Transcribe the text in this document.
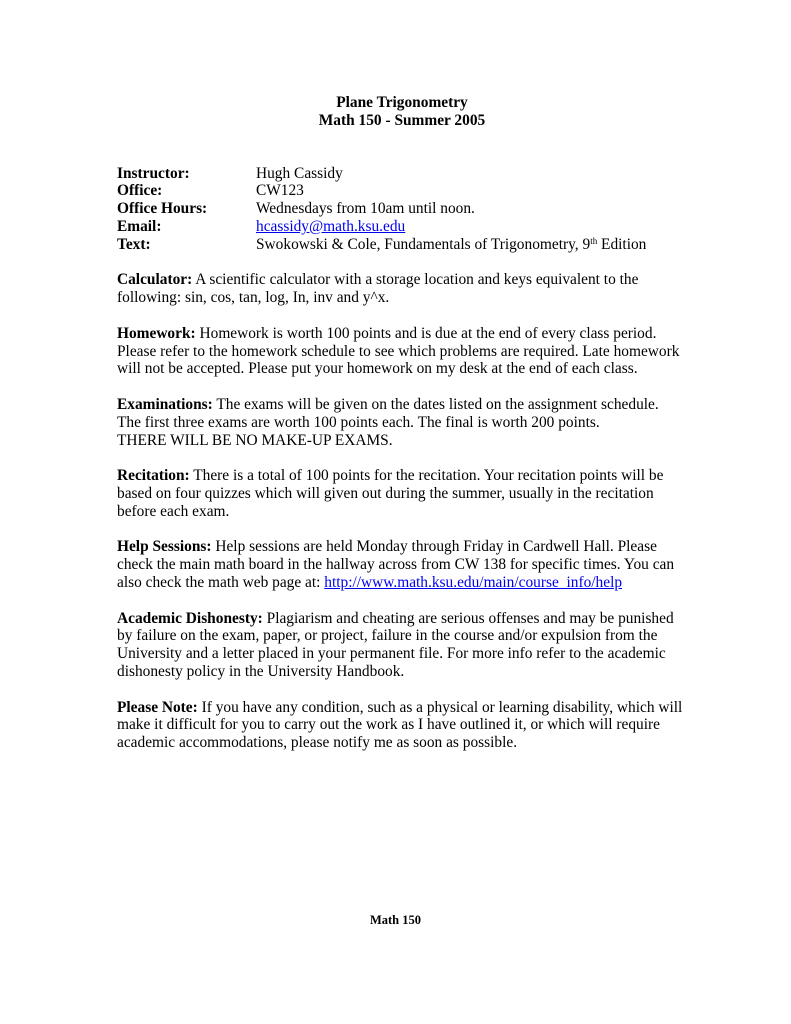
Plane Trigonometry
Math 150 - Summer 2005
Instructor:	Hugh Cassidy
Office:	CW123
Office Hours:	Wednesdays from 10am until noon.
Email:	hcassidy@math.ksu.edu
Text:	Swokowski & Cole, Fundamentals of Trigonometry, 9th Edition

Calculator: A scientific calculator with a storage location and keys equivalent to the following: sin, cos, tan, log, In, inv and y^x.

Homework: Homework is worth 100 points and is due at the end of every class period. Please refer to the homework schedule to see which problems are required. Late homework will not be accepted. Please put your homework on my desk at the end of each class.

Examinations: The exams will be given on the dates listed on the assignment schedule.
The first three exams are worth 100 points each. The final is worth 200 points.
THERE WILL BE NO MAKE-UP EXAMS.

Recitation: There is a total of 100 points for the recitation. Your recitation points will be based on four quizzes which will given out during the summer, usually in the recitation before each exam.

Help Sessions: Help sessions are held Monday through Friday in Cardwell Hall. Please check the main math board in the hallway across from CW 138 for specific times. You can also check the math web page at: http://www.math.ksu.edu/main/course_info/help

Academic Dishonesty: Plagiarism and cheating are serious offenses and may be punished by failure on the exam, paper, or project, failure in the course and/or expulsion from the University and a letter placed in your permanent file. For more info refer to the academic dishonesty policy in the University Handbook.

Please Note: If you have any condition, such as a physical or learning disability, which will make it difficult for you to carry out the work as I have outlined it, or which will require academic accommodations, please notify me as soon as possible.

Math 150
